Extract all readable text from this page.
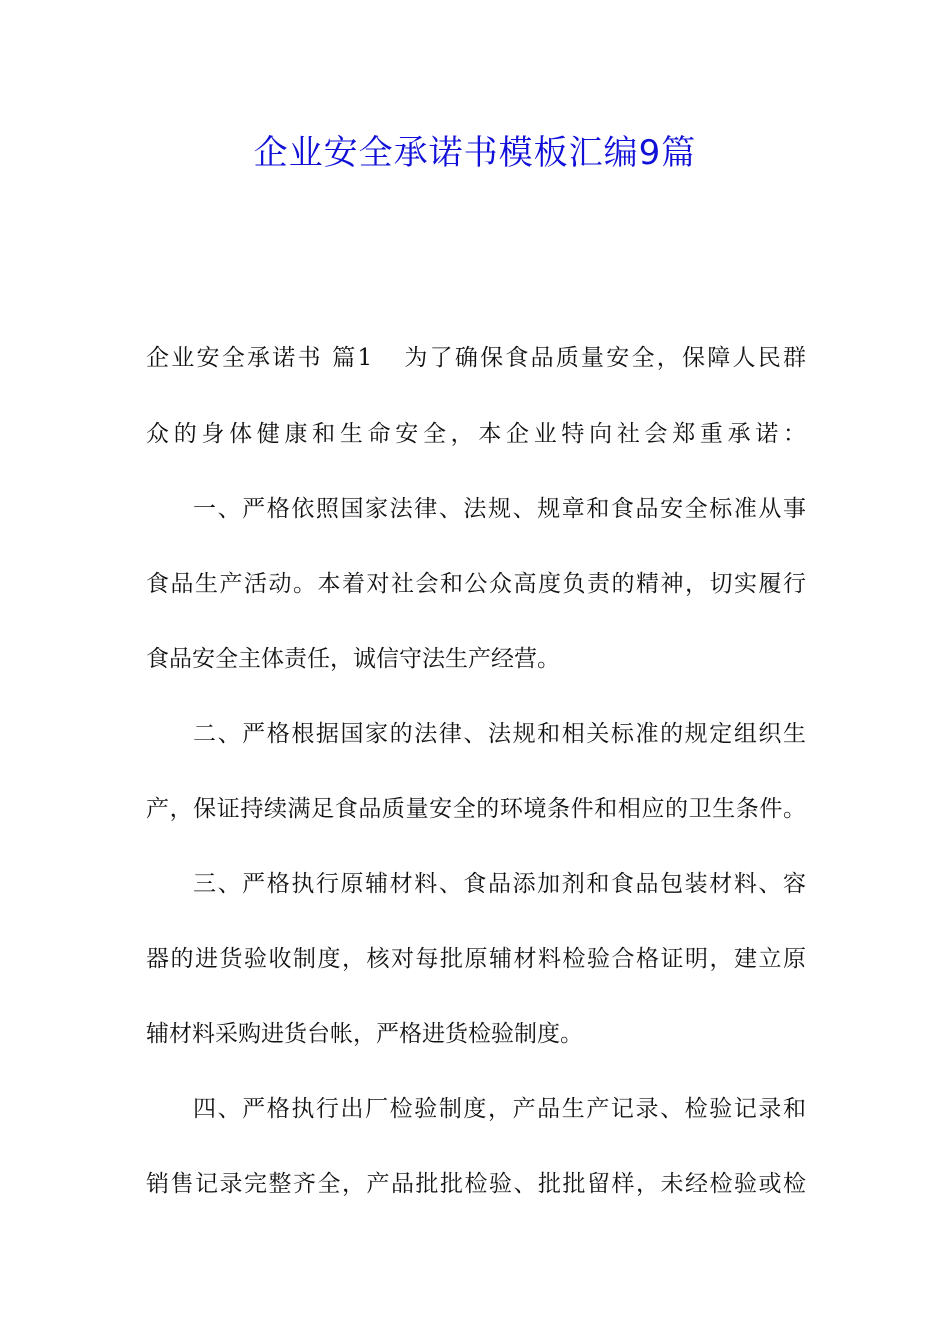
企业安全承诺书模板汇编9篇

企业安全承诺书 篇1 为了确保食品质量安全，保障人民群

众的身体健康和生命安全，本企业特向社会郑重承诺：

一、严格依照国家法律、法规、规章和食品安全标准从事

食品生产活动。本着对社会和公众高度负责的精神，切实履行

食品安全主体责任，诚信守法生产经营。

二、严格根据国家的法律、法规和相关标准的规定组织生

产，保证持续满足食品质量安全的环境条件和相应的卫生条件。

三、严格执行原辅材料、食品添加剂和食品包装材料、容

器的进货验收制度，核对每批原辅材料检验合格证明，建立原

辅材料采购进货台帐，严格进货检验制度。

四、严格执行出厂检验制度，产品生产记录、检验记录和

销售记录完整齐全，产品批批检验、批批留样，未经检验或检
